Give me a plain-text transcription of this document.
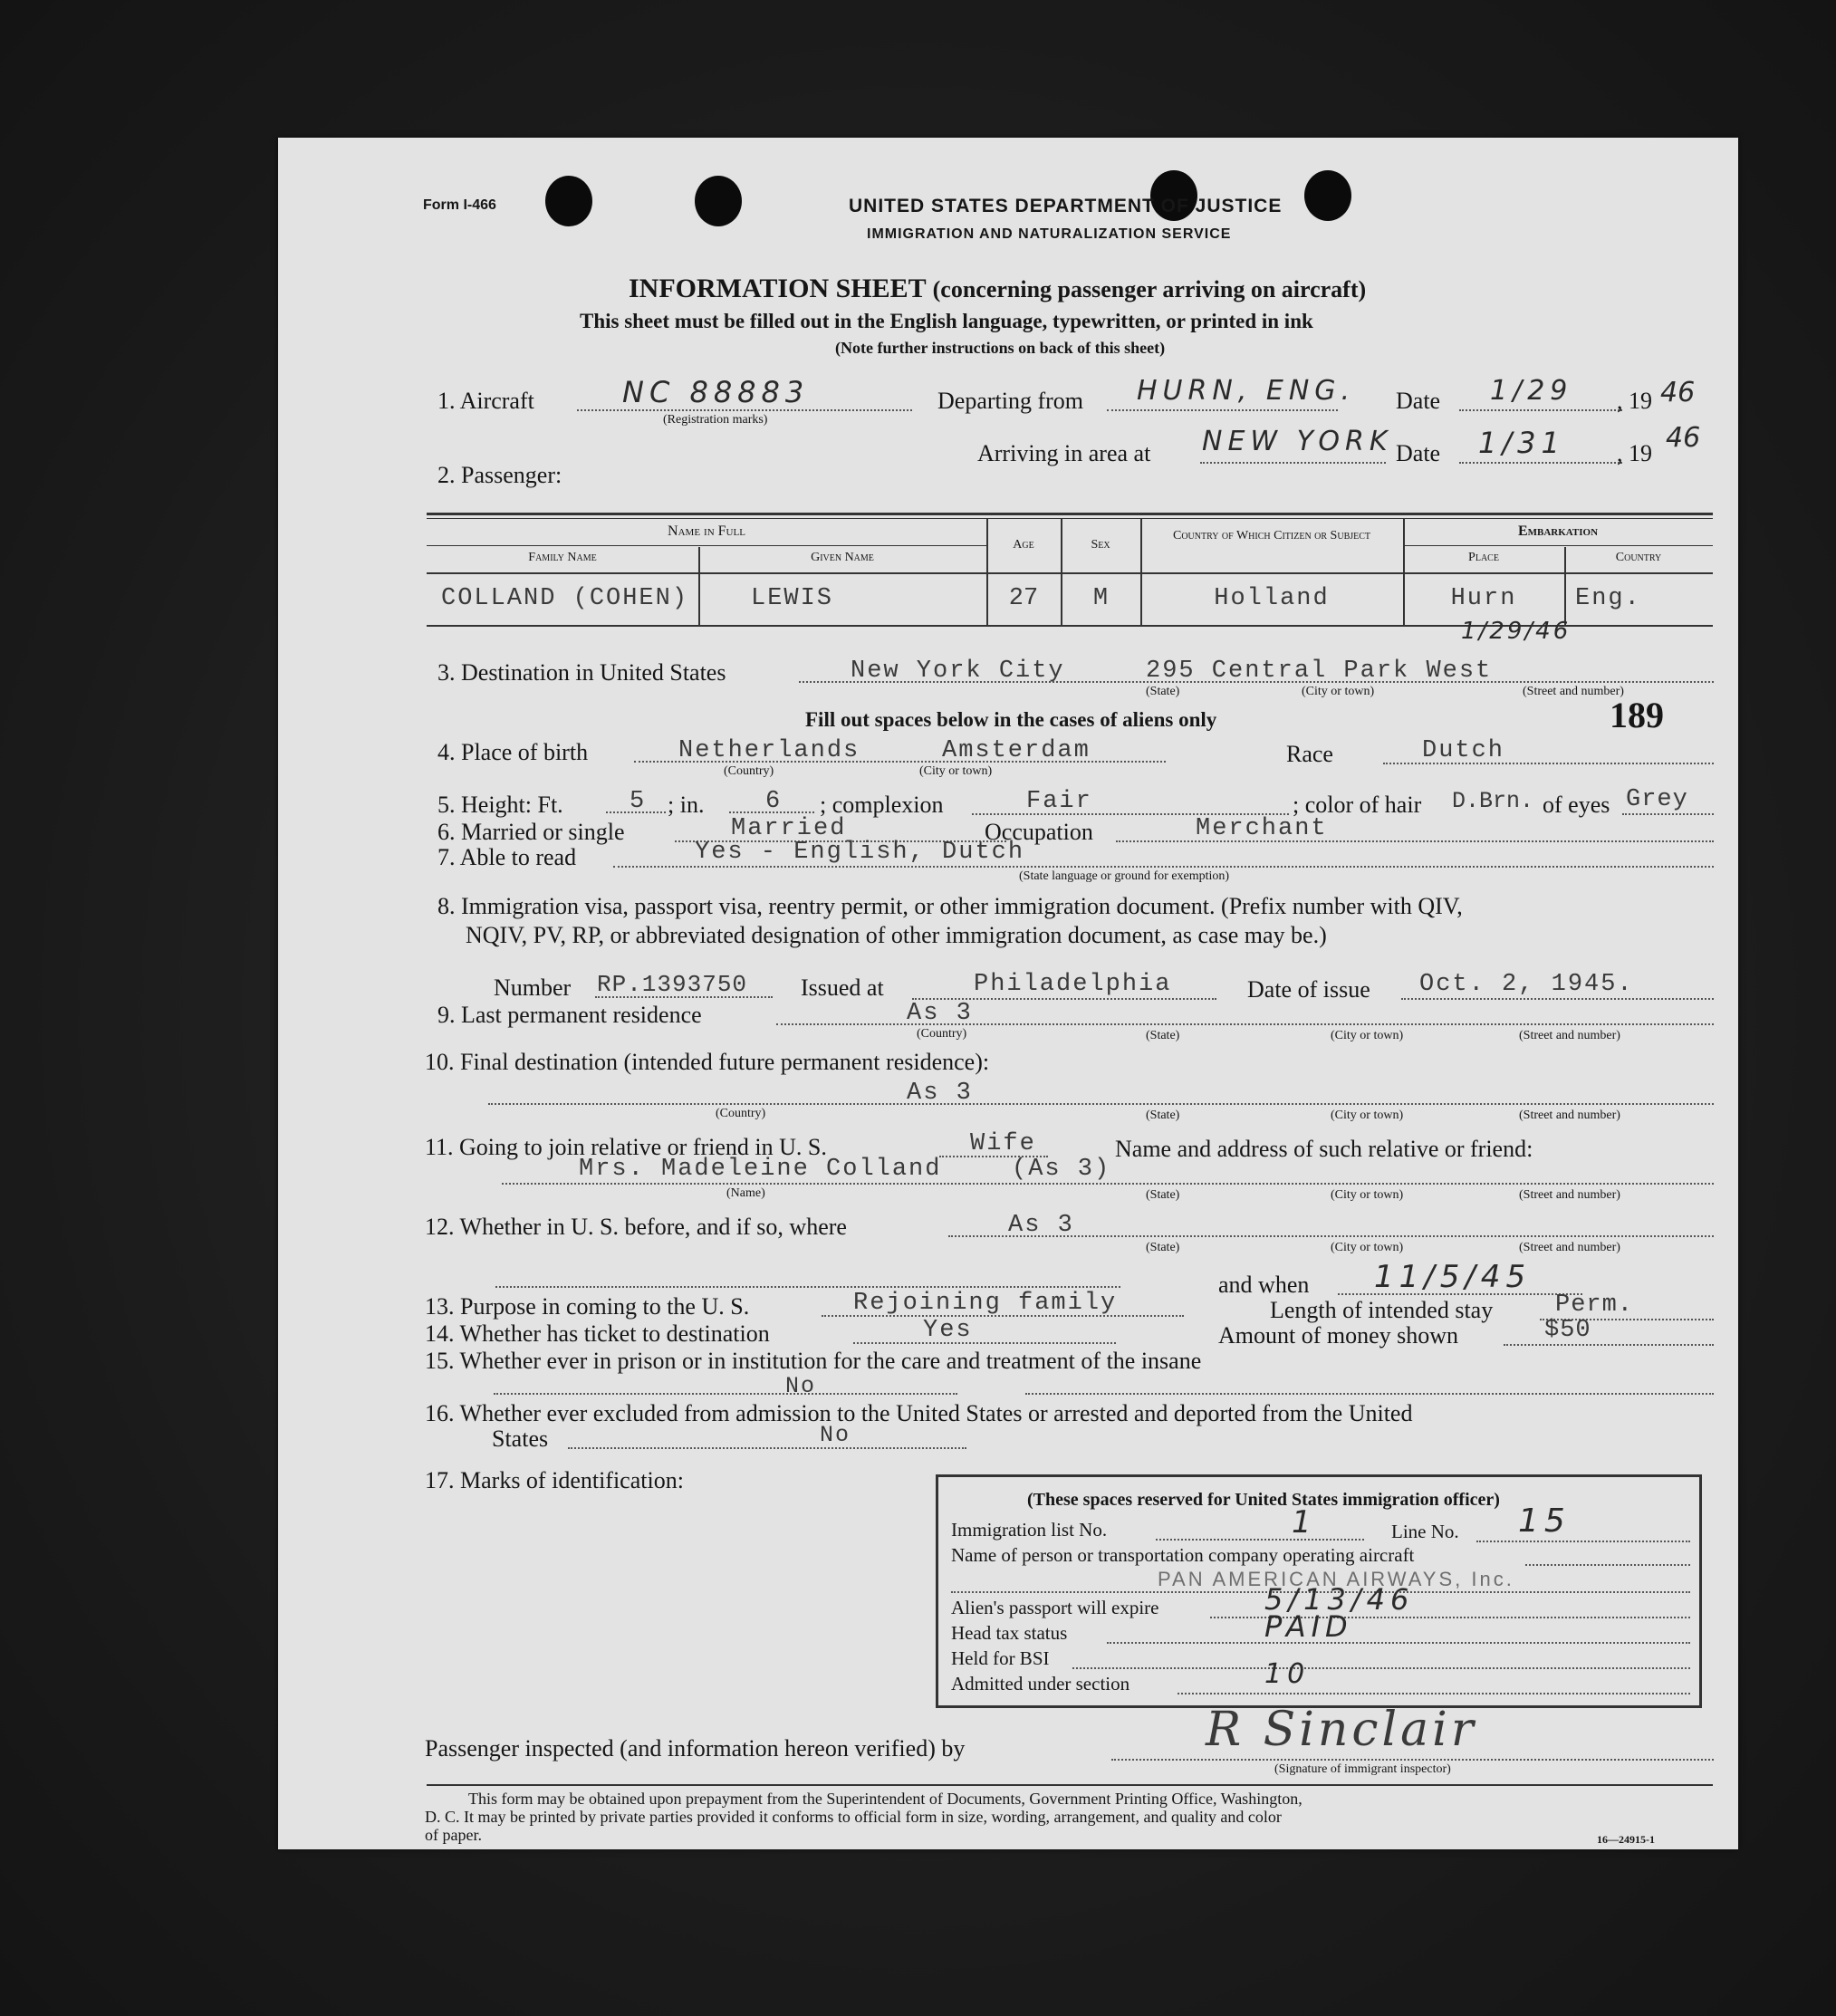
Form I-466	UNITED STATES DEPARTMENT OF JUSTICE
IMMIGRATION AND NATURALIZATION SERVICE
INFORMATION SHEET (concerning passenger arriving on aircraft)
This sheet must be filled out in the English language, typewritten, or printed in ink
(Note further instructions on back of this sheet)
1. Aircraft	NC 88883
(Registration marks)
Departing from HURN, ENG. Date 1/29 , 19 46
Arriving in area at NEW YORK Date 1/31 , 19 46
2. Passenger:
Name in Full
Family Name	Given Name
Age	Sex
Country of Which Citizen or Subject	Embarkation
Place	Country
COLLAND (COHEN)	LEWIS	27	M	Holland	Hurn	Eng.
1/29/46
3. Destination in United States	New York City	295 Central Park West
(State)	(City or town)	(Street and number)
Fill out spaces below in the cases of aliens only	189
4. Place of birth	Netherlands	Amsterdam
(Country)	(City or town)
Race	Dutch
5. Height: Ft.	5 ; in.	6 ; complexion	Fair	; color of hair D.Brn. of eyes Grey
6. Married or single	Married	Occupation	Merchant
7. Able to read	Yes - English, Dutch
(State language or ground for exemption)
8. Immigration visa, passport visa, reentry permit, or other immigration document. (Prefix number with QIV,
NQIV, PV, RP, or abbreviated designation of other immigration document, as case may be.)
Number RP.1393750 Issued at	Philadelphia	Date of issue Oct. 2, 1945.
9. Last permanent residence	As 3
(Country)	(State)	(City or town)	(Street and number)
10. Final destination (intended future permanent residence):
As 3
(Country)	(State)	(City or town)	(Street and number)
11. Going to join relative or friend in U. S.	Wife	Name and address of such relative or friend:
Mrs. Madeleine Colland	(As 3)
(Name)	(State)	(City or town)	(Street and number)
12. Whether in U. S. before, and if so, where	As 3
(State)	(City or town)	(Street and number)
and when 11/5/45
13. Purpose in coming to the U. S.	Rejoining family	Length of intended stay	Perm.
14. Whether has ticket to destination	Yes	Amount of money shown	$50
15. Whether ever in prison or in institution for the care and treatment of the insane
No
16. Whether ever excluded from admission to the United States or arrested and deported from the United
States	No
17. Marks of identification:
(These spaces reserved for United States immigration officer)
Immigration list No.	1	Line No. 15
Name of person or transportation company operating aircraft
PAN AMERICAN AIRWAYS, Inc.
Alien's passport will expire	5/13/46
Head tax status	PAID
Held for BSI
Admitted under section	10
Passenger inspected (and information hereon verified) by	R Sinclair
(Signature of immigrant inspector)
This form may be obtained upon prepayment from the Superintendent of Documents, Government Printing Office, Washington,
D. C. It may be printed by private parties provided it conforms to official form in size, wording, arrangement, and quality and color
of paper.	16—24915-1
